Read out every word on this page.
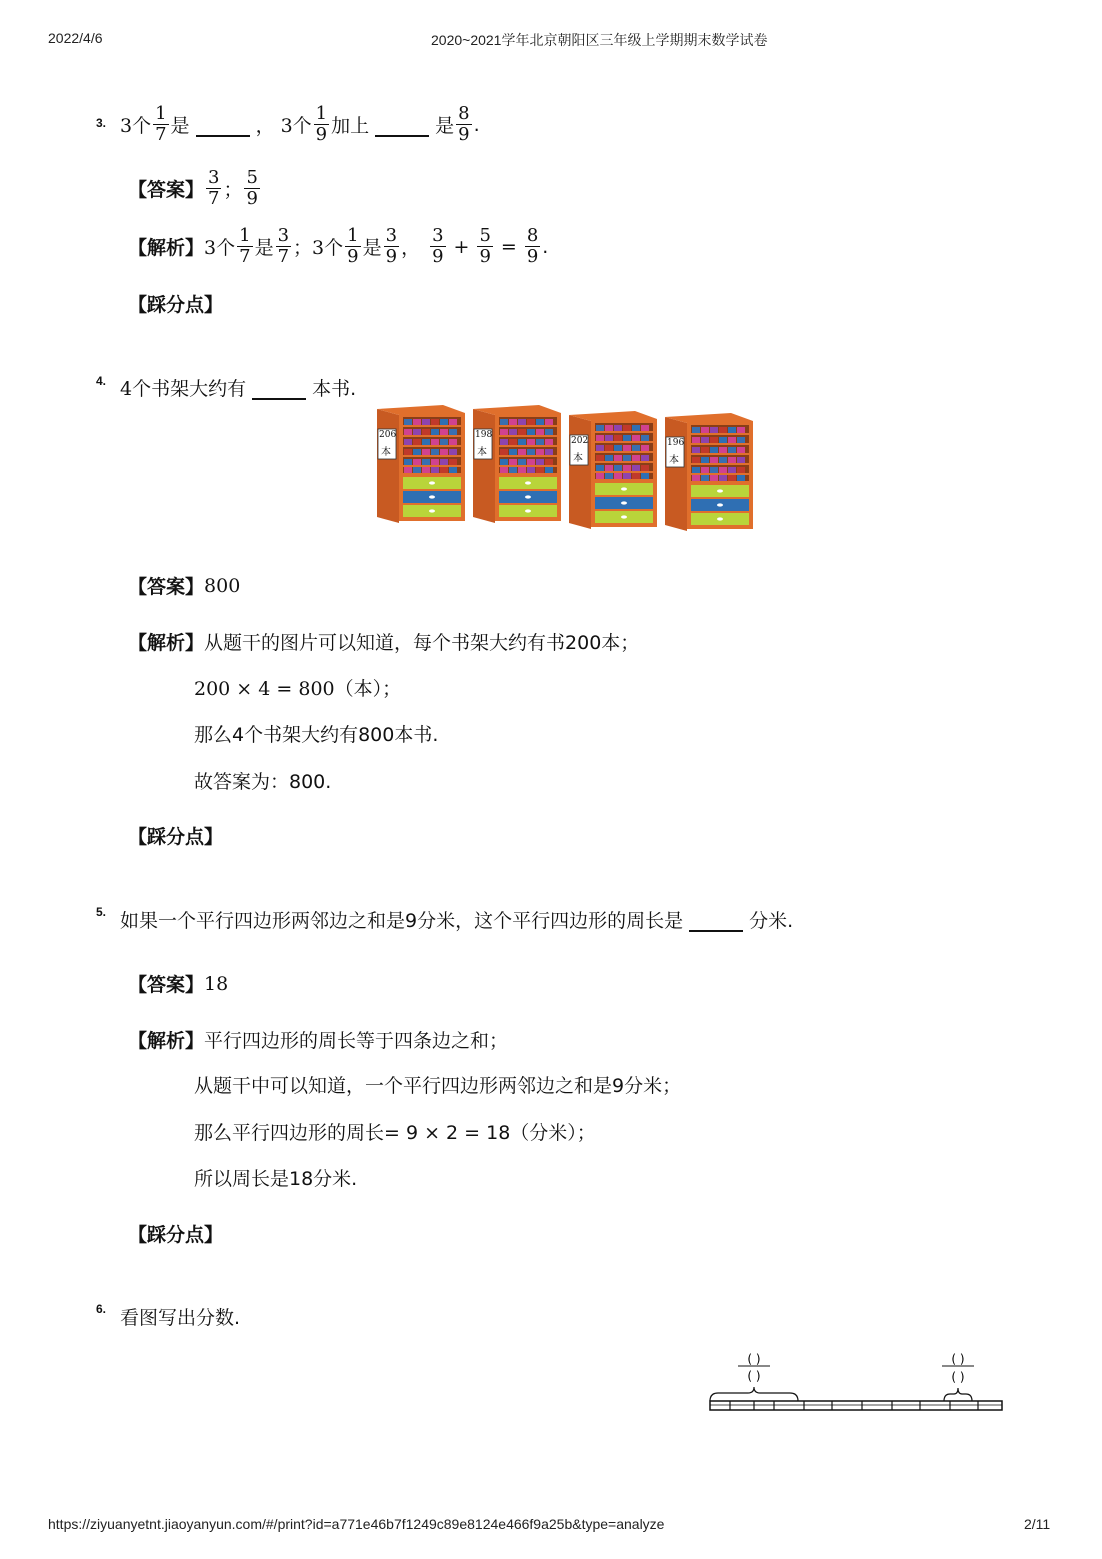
2022/4/6	2020~2021学年北京朝阳区三年级上学期期末数学试卷
3. 3个 $\frac{1}{7}$ 是	， 3个 $\frac{1}{9}$ 加上	是 $\frac{8}{9}$ .
【答案】 $\frac{3}{7}$ ； $\frac{5}{9}$
【解析】 3个 $\frac{1}{7}$ 是 $\frac{3}{7}$ ； 3个 $\frac{1}{9}$ 是 $\frac{3}{9}$ ， $\frac{3}{9} + \frac{5}{9} = \frac{8}{9}$ .
【踩分点】
4. 4个书架大约有	本书.
206
本
198
本
202
本
196
本
【答案】 800
【解析】 从题干的图片可以知道，每个书架大约有书200本；
200 × 4 = 800（本）；
那么4个书架大约有800本书.
故答案为：800.
【踩分点】
5. 如果一个平行四边形两邻边之和是9分米，这个平行四边形的周长是	分米.
【答案】 18
【解析】 平行四边形的周长等于四条边之和；
从题干中可以知道，一个平行四边形两邻边之和是9分米；
那么平行四边形的周长= 9 × 2 = 18（分米）；
所以周长是18分米.
【踩分点】
6. 看图写出分数.
( )
( )
( )
( )
https://ziyuanyetnt.jiaoyanyun.com/#/print?id=a771e46b7f1249c89e8124e466f9a25b&type=analyze	2/11
